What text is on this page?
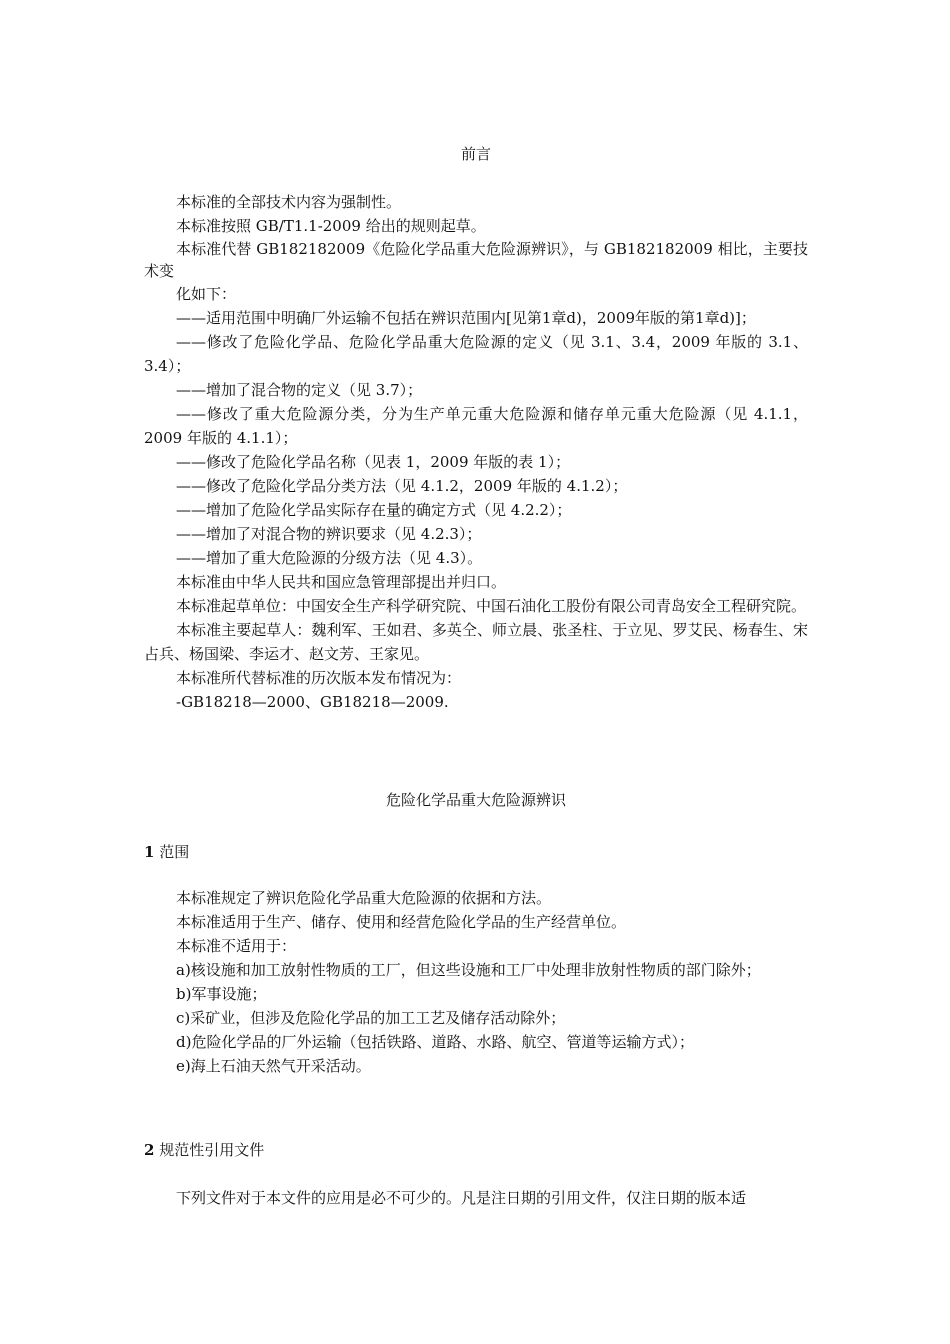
前言

本标准的全部技术内容为强制性。

本标准按照 GB/T1.1-2009 给出的规则起草。

本标准代替 GB182182009《危险化学品重大危险源辨识》，与 GB182182009 相比，主要技术变

化如下：

——适用范围中明确厂外运输不包括在辨识范围内[见第1章d)，2009年版的第1章d)]；

——修改了危险化学品、危险化学品重大危险源的定义（见 3.1、3.4，2009 年版的 3.1、3.4）；

——增加了混合物的定义（见 3.7）；

——修改了重大危险源分类，分为生产单元重大危险源和储存单元重大危险源（见 4.1.1，2009 年版的 4.1.1）；

——修改了危险化学品名称（见表 1，2009 年版的表 1）；

——修改了危险化学品分类方法（见 4.1.2，2009 年版的 4.1.2）；

——增加了危险化学品实际存在量的确定方式（见 4.2.2）；

——增加了对混合物的辨识要求（见 4.2.3）；

——增加了重大危险源的分级方法（见 4.3）。

本标准由中华人民共和国应急管理部提出并归口。

本标准起草单位：中国安全生产科学研究院、中国石油化工股份有限公司青岛安全工程研究院。

本标准主要起草人：魏利军、王如君、多英仝、师立晨、张圣柱、于立见、罗艾民、杨春生、宋占兵、杨国梁、李运才、赵文芳、王家见。

本标准所代替标准的历次版本发布情况为：

-GB18218—2000、GB18218—2009.

危险化学品重大危险源辨识
1 范围

本标准规定了辨识危险化学品重大危险源的依据和方法。

本标准适用于生产、储存、使用和经营危险化学品的生产经营单位。

本标准不适用于：

a)核设施和加工放射性物质的工厂，但这些设施和工厂中处理非放射性物质的部门除外；

b)军事设施；

c)采矿业，但涉及危险化学品的加工工艺及储存活动除外；

d)危险化学品的厂外运输（包括铁路、道路、水路、航空、管道等运输方式）；

e)海上石油天然气开采活动。

2 规范性引用文件

下列文件对于本文件的应用是必不可少的。凡是注日期的引用文件，仅注日期的版本适
